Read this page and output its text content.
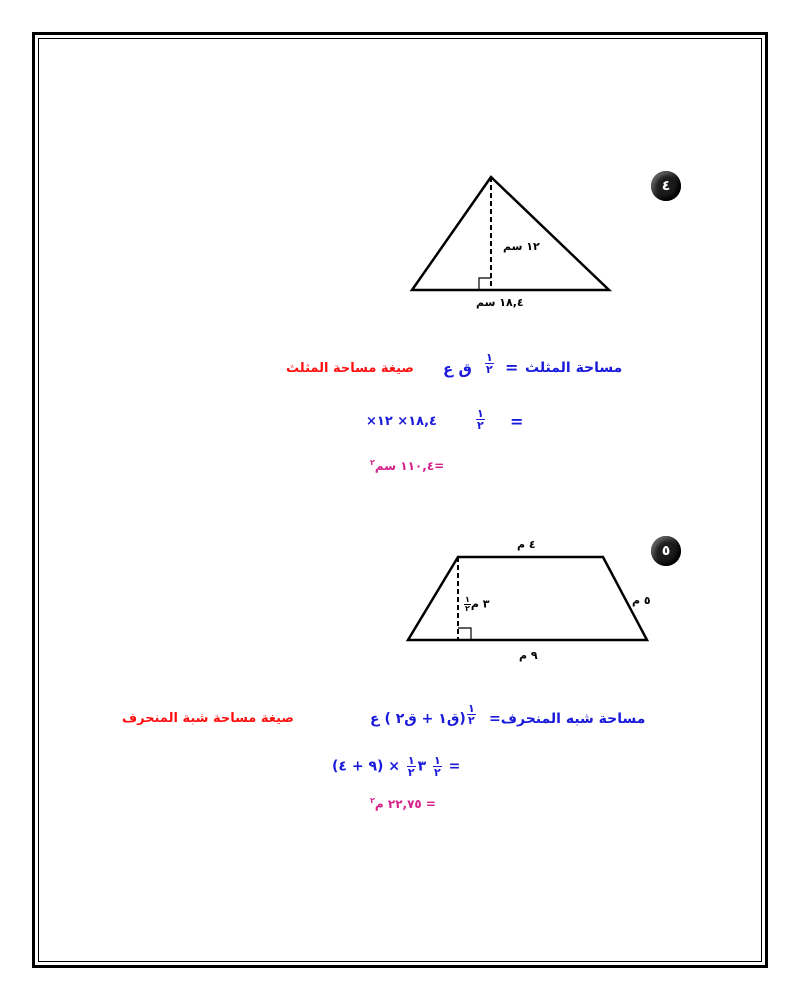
٤
١٢ سم
١٨,٤ سم
مساحة المثلث
=
$\frac{١}{٢}$
ق ع
صيغة مساحة المثلث
=
$\frac{١}{٢}$
١٨,٤× ١٢×
=١١٠,٤ سم$^٢$
٥
٤ م
٥ م
$\frac{١}{٢}$ ٣ م
٩ م
مساحة شبه المنحرف=
$\frac{١}{٢}$
(ق١ + ق٢ ) ع
صيغة مساحة شبة المنحرف
٣
$\frac{١}{٢}$
× (٩ + ٤)	$\frac{١}{٢}$ =
= ٢٢,٧٥ م$^٢$
